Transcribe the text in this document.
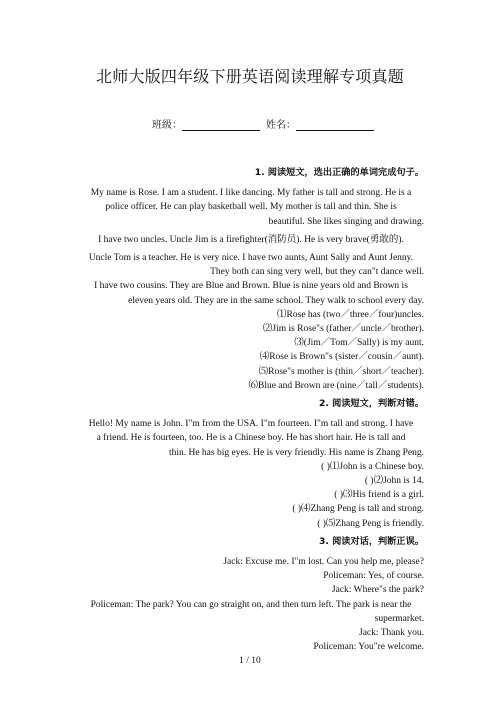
北师大版四年级下册英语阅读理解专项真题
班级：	姓名：
1. 阅读短文，选出正确的单词完成句子。

My name is Rose. I am a student. I like dancing. My father is tall and strong. He is a

police officer. He can play basketball well. My mother is tall and thin. She is

beautiful. She likes singing and drawing.

I have two uncles. Uncle Jim is a firefighter(消防员). He is very brave(勇敢的).

Uncle Tom is a teacher. He is very nice. I have two aunts, Aunt Sally and Aunt Jenny.

They both can sing very well, but they can"t dance well.

I have two cousins. They are Blue and Brown. Blue is nine years old and Brown is

eleven years old. They are in the same school. They walk to school every day.

⑴Rose has (two／three／four)uncles.

⑵Jim is Rose"s (father／uncle／brother).

⑶(Jim／Tom／Sally) is my aunt.

⑷Rose is Brown"s (sister／cousin／aunt).

⑸Rose"s mother is (thin／short／teacher).

⑹Blue and Brown are (nine／tall／students).

2. 阅读短文，判断对错。

Hello! My name is John. I"m from the USA. I"m fourteen. I"m tall and strong. I have

a friend. He is fourteen, too. He is a Chinese boy. He has short hair. He is tall and

thin. He has big eyes. He is very friendly. His name is Zhang Peng.

( )⑴John is a Chinese boy.

( )⑵John is 14.

( )⑶His friend is a girl.

( )⑷Zhang Peng is tall and strong.

( )⑸Zhang Peng is friendly.

3. 阅读对话，判断正误。

Jack: Excuse me. I"m lost. Can you help me, please?

Policeman: Yes, of course.

Jack: Where"s the park?

Policeman: The park? You can go straight on, and then turn left. The park is near the

supermarket.

Jack: Thank you.

Policeman: You"re welcome.

1 / 10
